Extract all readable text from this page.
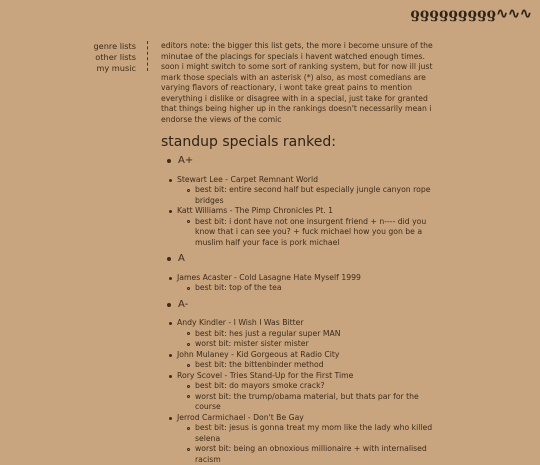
ƍƍƍƍƍƍƍƍƍ∿∿∿
genre lists
other lists
my music

editors note: the bigger this list gets, the more i become unsure of the minutae of the placings for specials i havent watched enough times. soon i might switch to some sort of ranking system, but for now ill just mark those specials with an asterisk (*) also, as most comedians are varying flavors of reactionary, i wont take great pains to mention everything i dislike or disagree with in a special, just take for granted that things being higher up in the rankings doesn't necessarily mean i endorse the views of the comic

standup specials ranked:
A+
Stewart Lee - Carpet Remnant World
best bit: entire second half but especially jungle canyon rope bridges
Katt Williams - The Pimp Chronicles Pt. 1
best bit: i dont have not one insurgent friend + n---- did you know that i can see you? + fuck michael how you gon be a muslim half your face is pork michael
A
James Acaster - Cold Lasagne Hate Myself 1999
best bit: top of the tea
A-
Andy Kindler - I Wish I Was Bitter
best bit: hes just a regular super MAN
worst bit: mister sister mister
John Mulaney - Kid Gorgeous at Radio City
best bit: the bittenbinder method
Rory Scovel - Tries Stand-Up for the First Time
best bit: do mayors smoke crack?
worst bit: the trump/obama material, but thats par for the course
Jerrod Carmichael - Don't Be Gay
best bit: jesus is gonna treat my mom like the lady who killed selena
worst bit: being an obnoxious millionaire + with internalised racism
